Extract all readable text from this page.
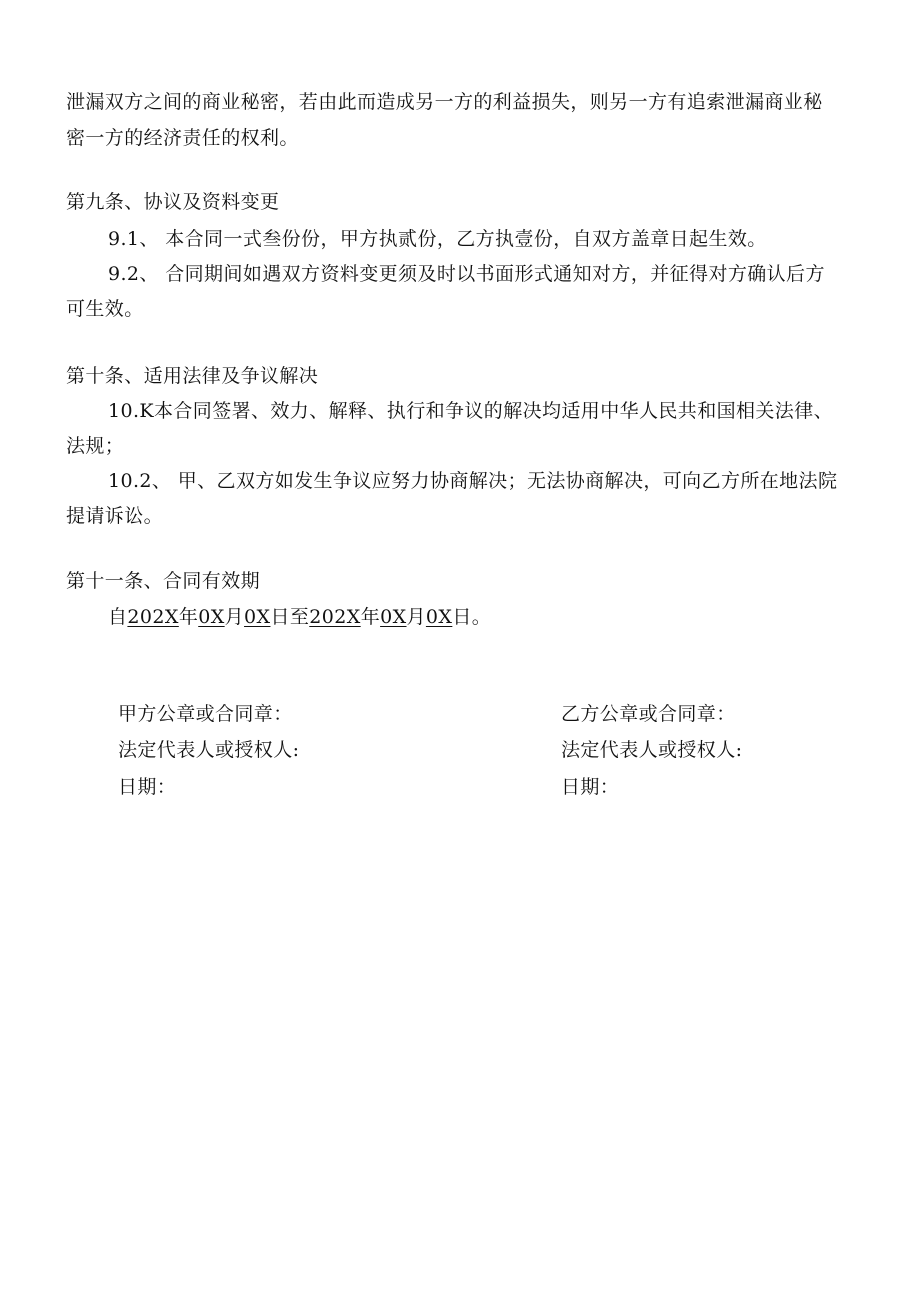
泄漏双方之间的商业秘密，若由此而造成另一方的利益损失，则另一方有追索泄漏商业秘
密一方的经济责任的权利。
第九条、协议及资料变更
9.1、 本合同一式叁份份，甲方执贰份，乙方执壹份，自双方盖章日起生效。
9.2、 合同期间如遇双方资料变更须及时以书面形式通知对方，并征得对方确认后方
可生效。
第十条、适用法律及争议解决
10.K本合同签署、效力、解释、执行和争议的解决均适用中华人民共和国相关法律、
法规；
10.2、 甲、乙双方如发生争议应努力协商解决；无法协商解决，可向乙方所在地法院
提请诉讼。
第十一条、合同有效期
自202X年0X月0X日至202X年0X月0X日。
甲方公章或合同章：
法定代表人或授权人:
日期：
乙方公章或合同章：
法定代表人或授权人:
日期：
